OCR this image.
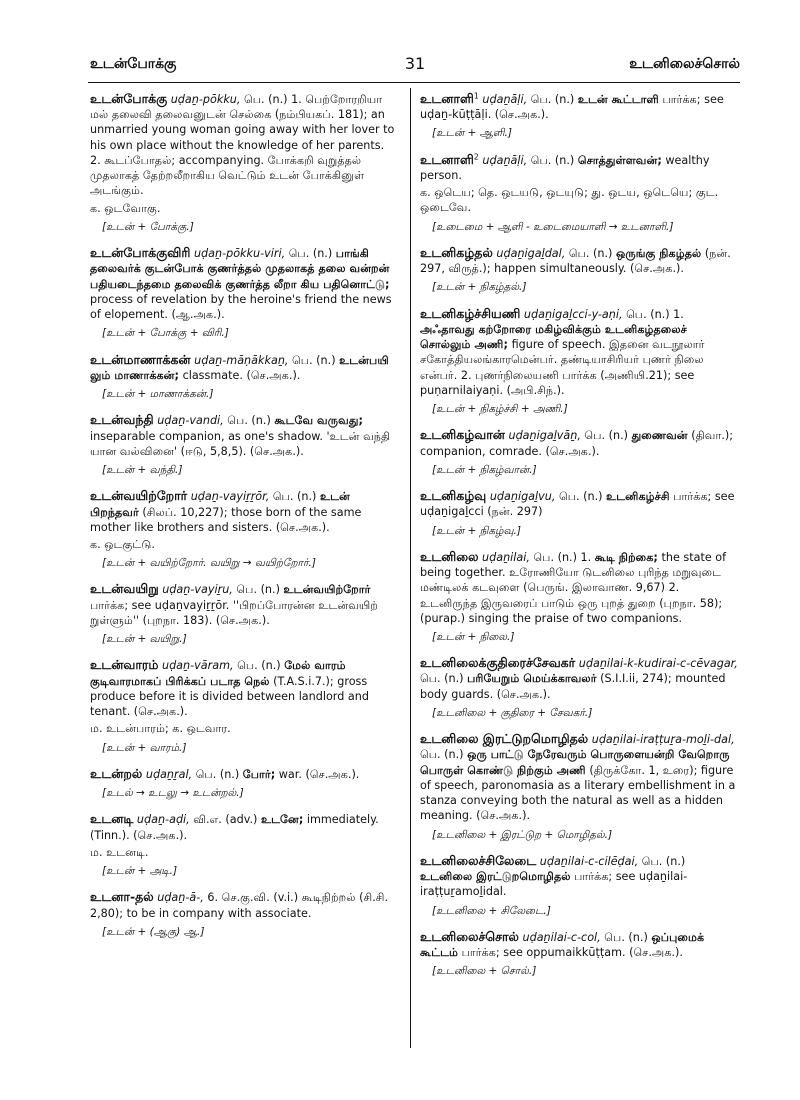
உடன்போக்கு	31	உடனிலைச்சொல்
உடன்போக்கு uḍaṉ-pōkku, பெ. (n.) 1. பெற்றோரறியா மல் தலைவி தலைவனுடன் செல்கை (நம்பியகப். 181); an unmarried young woman going away with her lover to his own place without the knowledge of her parents. 2. கூடப்போதல்; accompanying. போக்கறி வுறுத்தல் முதலாகத் தேற்றலீறாகிய வெட்டும் உடன் போக்கினுள் அடங்கும்.
க. ஒடவோகு.
[உடன் + போக்கு.]
உடன்போக்குவிரி uḍaṉ-pōkku-viri, பெ. (n.) பாங்கி தலைவர்க் குடன்போக் குணர்த்தல் முதலாகத் தலை வன்றன் பதியடைந்தமை தலைவிக் குணர்த்த லீறா கிய பதினொட்டு; process of revelation by the heroine's friend the news of elopement. (ஆ.அக.).
[உடன் + போக்கு + விரி.]
உடன்மாணாக்கன் uḍaṉ-māṇākkaṉ, பெ. (n.) உடன்பயி லும் மாணாக்கன்; classmate. (செ.அக.).
[உடன் + மாணாக்கன்.]
உடன்வந்தி uḍaṉ-vandi, பெ. (n.) கூடவே வருவது; inseparable companion, as one's shadow. 'உடன் வந்தி யான வல்வினை' (ஈடு, 5,8,5). (செ.அக.).
[உடன் + வந்தி.]
உடன்வயிற்றோர் uḍaṉ-vayiṟṟōr, பெ. (n.) உடன் பிறந்தவர் (சிலப். 10,227); those born of the same mother like brothers and sisters. (செ.அக.).
க. ஒடகுட்டு.
[உடன் + வயிற்றோர். வயிறு → வயிற்றோர்.]
உடன்வயிறு uḍaṉ-vayiṟu, பெ. (n.) உடன்வயிற்றோர் பார்க்க; see uḍaṉvayiṟṟōr. ''பிறப்போரன்ன உடன்வயிற் றுள்ளும்'' (புறநா. 183). (செ.அக.).
[உடன் + வயிறு.]
உடன்வாரம் uḍaṉ-vāram, பெ. (n.) மேல் வாரம் குடிவாரமாகப் பிரிக்கப் படாத நெல் (T.A.S.i.7.); gross produce before it is divided between landlord and tenant. (செ.அக.).
ம. உடன்பாரம்; க. ஒடவார.
[உடன் + வாரம்.]
உடன்றல் uḍaṉṟal, பெ. (n.) போர்; war. (செ.அக.).
[உடல் → உடலு → உடன்றல்.]
உடனடி uḍaṉ-aḍi, வி.எ. (adv.) உடனே; immediately. (Tinn.). (செ.அக.).
ம. உடனடி.
[உடன் + அடி.]
உடனா-தல் uḍaṉ-ā-, 6. செ.கு.வி. (v.i.) கூடிநிற்றல் (சி.சி. 2,80); to be in company with associate.
[உடன் + (ஆகு) ஆ.]
உடனாளி$^1$ uḍaṉāḷi, பெ. (n.) உடன் கூட்டாளி பார்க்க; see uḍaṉ-kūṭṭāḷi. (செ.அக.).
[உடன் + ஆளி.]
உடனாளி$^2$ uḍaṉāḷi, பெ. (n.) சொத்துள்ளவன்; wealthy person.
க. ஒடெய; தெ. ஒடயடு, ஒடயுடு; து. ஒடய, ஒடெயெ; குட. ஒடைவே.
[உடைமை + ஆளி - உடைமையாளி → உடனாளி.]
உடனிகழ்தல் uḍaṉigaḻdal, பெ. (n.) ஒருங்கு நிகழ்தல் (நன். 297, விருத்.); happen simultaneously. (செ.அக.).
[உடன் + நிகழ்தல்.]
உடனிகழ்ச்சியணி uḍaṉigaḻcci-y-aṇi, பெ. (n.) 1. அஃதாவது கற்றோரை மகிழ்விக்கும் உடனிகழ்தலைச் சொல்லும் அணி; figure of speech. இதனை வடநூலார் சகோத்தியலங்காரமென்பர். தண்டியாசிரியர் புணர் நிலை என்பர். 2. புணர்நிலையணி பார்க்க (அணியி.21); see puṇarnilaiyaṇi. (அபி.சிந்.).
[உடன் + நிகழ்ச்சி + அணி.]
உடனிகழ்வான் uḍaṉigaḻvāṉ, பெ. (n.) துணைவன் (திவா.); companion, comrade. (செ.அக.).
[உடன் + நிகழ்வான்.]
உடனிகழ்வு uḍaṉigaḻvu, பெ. (n.) உடனிகழ்ச்சி பார்க்க; see uḍaṉigaḻcci (நன். 297)
[உடன் + நிகழ்வு.]
உடனிலை uḍaṉilai, பெ. (n.) 1. கூடி நிற்கை; the state of being together. உரோணியோ டுடனிலை புரிந்த மறுவுடை மண்டிலக் கடவுளை (பெருங். இலாவாண. 9,67) 2. உடனிருந்த இருவரைப் பாடும் ஒரு புறத் துறை (புறநா. 58); (purap.) singing the praise of two companions.
[உடன் + நிலை.]
உடனிலைக்குதிரைச்சேவகர் uḍaṉilai-k-kudirai-c-cēvagar, பெ. (n.) பரியேறும் மெய்க்காவலர் (S.I.I.ii, 274); mounted body guards. (செ.அக.).
[உடனிலை + குதிரை + சேவகர்.]
உடனிலை இரட்டுறமொழிதல் uḍaṉilai-iraṭṭuṟa-moḻi-dal, பெ. (n.) ஒரு பாட்டு நேரேவரும் பொருளையன்றி வேறொரு பொருள் கொண்டு நிற்கும் அணி (திருக்கோ. 1, உரை); figure of speech, paronomasia as a literary embellishment in a stanza conveying both the natural as well as a hidden meaning. (செ.அக.).
[உடனிலை + இரட்டுற + மொழிதல்.]
உடனிலைச்சிலேடை uḍaṉilai-c-cilēḍai, பெ. (n.) உடனிலை இரட்டுறமொழிதல் பார்க்க; see uḍaṉilai-iraṭṭuṟamoḻidal.
[உடனிலை + சிலேடை.]
உடனிலைச்சொல் uḍaṉilai-c-col, பெ. (n.) ஒப்புமைக் கூட்டம் பார்க்க; see oppumaikkūṭṭam. (செ.அக.).
[உடனிலை + சொல்.]
